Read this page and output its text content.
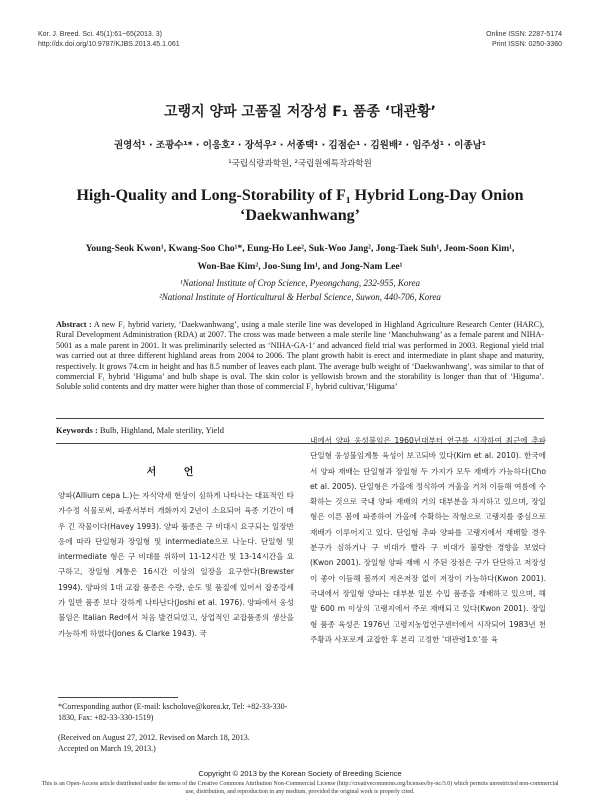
Kor. J. Breed. Sci. 45(1):61~65(2013. 3)
http://dx.doi.org/10.9787/KJBS.2013.45.1.061
Online ISSN: 2287-5174
Print ISSN: 0250-3360
고랭지 양파 고품질 저장성 F₁ 품종 ‘대관황’
권영석¹ · 조광수¹* · 이응호² · 장석우² · 서종택¹ · 김점순¹ · 김원배² · 임주성¹ · 이종남¹
¹국립식량과학원, ²국립원예특작과학원
High-Quality and Long-Storability of F₁ Hybrid Long-Day Onion
‘Daekwanhwang’
Young-Seok Kwon¹, Kwang-Soo Cho¹*, Eung-Ho Lee², Suk-Woo Jang², Jong-Taek Suh¹, Jeom-Soon Kim¹,
Won-Bae Kim², Joo-Sung Im¹, and Jong-Nam Lee¹
¹National Institute of Crop Science, Pyeongchang, 232-955, Korea
²National Institute of Horticultural & Herbal Science, Suwon, 440-706, Korea
Abstract : A new F₁ hybrid variety, ‘Daekwanhwang’, using a male sterile line was developed in Highland Agriculture Research Center (HARC), Rural Development Administration (RDA) at 2007. The cross was made between a male sterile line ‘Manchuhwang’ as a female parent and NIHA-5001 as a male parent in 2001. It was preliminarily selected as ‘NIHA-GA-1’ and advanced field trial was performed in 2003. Regional yield trial was carried out at three different highland areas from 2004 to 2006. The plant growth habit is erect and intermediate in plant shape and maturity, respectively. It grows 74.cm in height and has 8.5 number of leaves each plant. The average bulb weight of ‘Daekwanhwang’, was similar to that of commercial F₁ hybrid ‘Higuma’ and bulb shape is oval. The skin color is yellowish brown and the storability is longer than that of ‘Higuma’. Soluble solid contents and dry matter were higher than those of commercial F₁ hybrid cultivar,‘Higuma’
Keywords : Bulb, Highland, Male sterility, Yield
서 언
양파(Allium cepa L.)는 자식약세 현상이 심하게 나타나는 대표적인 타가수정 식물로써, 파종서부터 개화까지 2년이 소요되어 육종 기간이 매우 긴 작물이다(Havey 1993). 양파 품종은 구 비대시 요구되는 일장반응에 따라 단일형과 장일형 및 intermediate으로 나눈다. 단일형 및 intermediate 형은 구 비대를 위하여 11-12시간 및 13-14시간을 요구하고, 장일형 계통은 16시간 이상의 일장을 요구한다(Brewster 1994). 양파의 1대 교잡 품종은 수량, 순도 및 품질에 있어서 잡종강세가 일반 품종 보다 강하게 나타난다(Joshi et al. 1976). 양파에서 웅성불임은 Italian Red에서 처음 발견되었고, 상업적인 교잡품종의 생산을 가능하게 하였다(Jones & Clarke 1943). 국
내에서 양파 웅성불임은 1960년대부터 연구를 시작하여 최근에 추파 단일형 웅성불임계통 육성이 보고되바 있다(Kim et al. 2010). 한국에서 양파 재배는 단일형과 장일형 두 가지가 모두 재배가 가능하다(Cho et al. 2005). 단일형은 가을에 정식하여 겨울을 거쳐 이듬해 여름에 수확하는 것으로 국내 양파 재배의 거의 대부분을 차지하고 있으며, 장일형은 이른 봄에 파종하여 가을에 수확하는 작형으로 고랭지를 중심으로 재배가 이루어지고 있다. 단일형 추파 양파를 고랭지에서 재배할 경우 분구가 심하거나 구 비대가 빨라 구 비대가 불량한 경향을 보였다(Kwon 2001). 장일형 양파 재배 시 주된 장점은 구가 단단하고 저장성이 좋아 이듬해 봄까지 저온저장 없이 저장이 가능하다(Kwon 2001). 국내에서 장일형 양파는 대부분 일본 수입 품종을 재배하고 있으며, 해발 600 m 이상의 고랭지에서 주로 재배되고 있다(Kwon 2001). 장일형 품종 육성은 1976년 고령지농업연구센터에서 시작되어 1983년 천주황과 사포로계 교잡한 후 본리 고정한 ‘대관령1호’를 육
*Corresponding author (E-mail: kscholove@korea.kr, Tel: +82-33-330-1830, Fax: +82-33-330-1519)
(Received on August 27, 2012. Revised on March 18, 2013.
Accepted on March 19, 2013.)
Copyright © 2013 by the Korean Society of Breeding Science
This is an Open-Access article distributed under the terms of the Creative Commons Attribution Non-Commercial License (http://creativecommons.org/licenses/by-nc/3.0) which permits unrestricted non-commercial use, distribution, and reproduction in any medium, provided the original work is properly cited.
